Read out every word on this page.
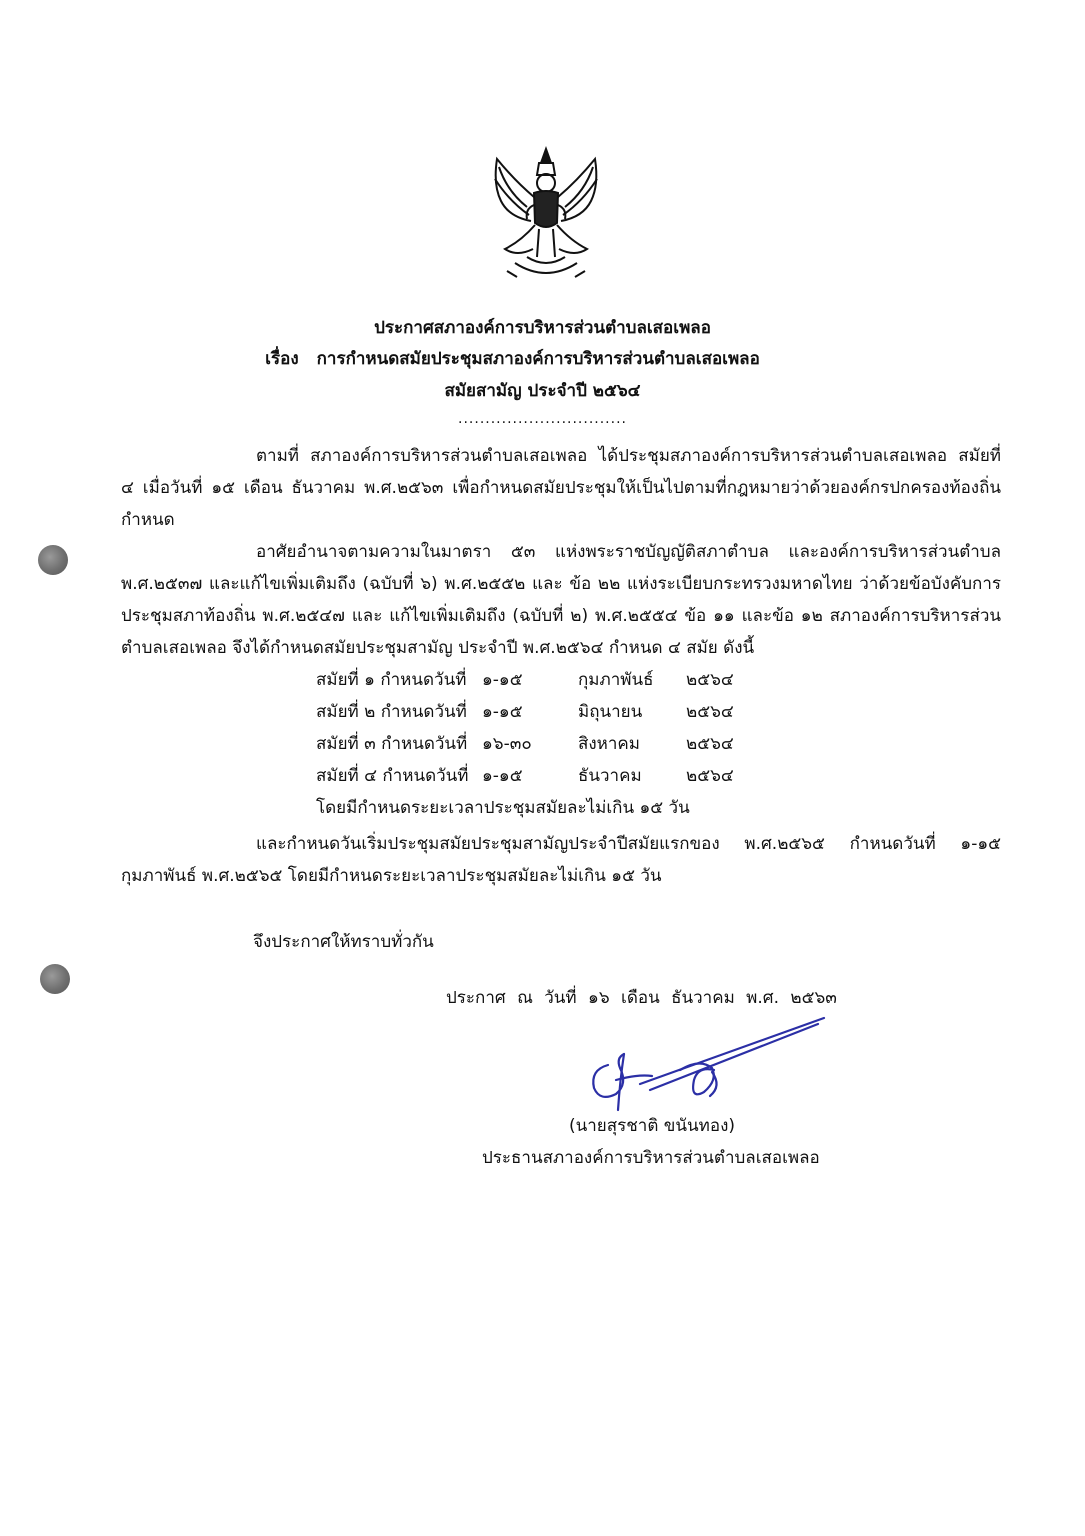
ประกาศสภาองค์การบริหารส่วนตำบลเสอเพลอ
เรื่อง การกำหนดสมัยประชุมสภาองค์การบริหารส่วนตำบลเสอเพลอ
สมัยสามัญ ประจำปี ๒๕๖๔
...............................
ตามที่ สภาองค์การบริหารส่วนตำบลเสอเพลอ ได้ประชุมสภาองค์การบริหารส่วนตำบลเสอเพลอ สมัยที่ ๔ เมื่อวันที่ ๑๕ เดือน ธันวาคม พ.ศ.๒๕๖๓ เพื่อกำหนดสมัยประชุมให้เป็นไปตามที่กฎหมายว่าด้วยองค์กรปกครองท้องถิ่นกำหนด
อาศัยอำนาจตามความในมาตรา ๕๓ แห่งพระราชบัญญัติสภาตำบล และองค์การบริหารส่วนตำบล พ.ศ.๒๕๓๗ และแก้ไขเพิ่มเติมถึง (ฉบับที่ ๖) พ.ศ.๒๕๕๒ และ ข้อ ๒๒ แห่งระเบียบกระทรวงมหาดไทย ว่าด้วยข้อบังคับการประชุมสภาท้องถิ่น พ.ศ.๒๕๔๗ และ แก้ไขเพิ่มเติมถึง (ฉบับที่ ๒) พ.ศ.๒๕๕๔ ข้อ ๑๑ และข้อ ๑๒ สภาองค์การบริหารส่วนตำบลเสอเพลอ จึงได้กำหนดสมัยประชุมสามัญ ประจำปี พ.ศ.๒๕๖๔ กำหนด ๔ สมัย ดังนี้
สมัยที่ ๑ กำหนดวันที่ ๑-๑๕	กุมภาพันธ์ ๒๕๖๔
สมัยที่ ๒ กำหนดวันที่ ๑-๑๕	มิถุนายน	๒๕๖๔
สมัยที่ ๓ กำหนดวันที่ ๑๖-๓๐	สิงหาคม	๒๕๖๔
สมัยที่ ๔ กำหนดวันที่ ๑-๑๕	ธันวาคม	๒๕๖๔
โดยมีกำหนดระยะเวลาประชุมสมัยละไม่เกิน ๑๕ วัน
และกำหนดวันเริ่มประชุมสมัยประชุมสามัญประจำปีสมัยแรกของ พ.ศ.๒๕๖๕ กำหนดวันที่ ๑-๑๕ กุมภาพันธ์ พ.ศ.๒๕๖๕ โดยมีกำหนดระยะเวลาประชุมสมัยละไม่เกิน ๑๕ วัน
จึงประกาศให้ทราบทั่วกัน
ประกาศ ณ วันที่ ๑๖ เดือน ธันวาคม พ.ศ. ๒๕๖๓
(นายสุรชาติ ขนันทอง)
ประธานสภาองค์การบริหารส่วนตำบลเสอเพลอ
